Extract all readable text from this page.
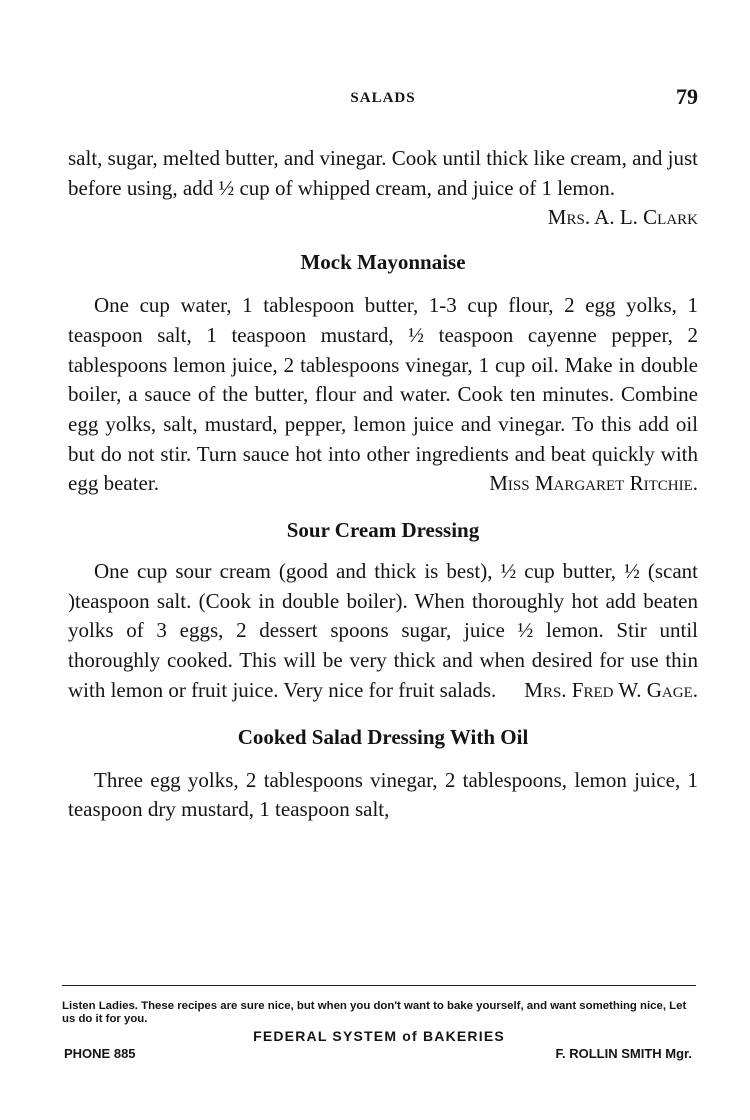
SALADS	79

salt, sugar, melted butter, and vinegar. Cook until thick like cream, and just before using, add ½ cup of whipped cream, and juice of 1 lemon.
Mrs. A. L. Clark

Mock Mayonnaise

One cup water, 1 tablespoon butter, 1-3 cup flour, 2 egg yolks, 1 teaspoon salt, 1 teaspoon mustard, ½ teaspoon cayenne pepper, 2 tablespoons lemon juice, 2 tablespoons vinegar, 1 cup oil. Make in double boiler, a sauce of the butter, flour and water. Cook ten minutes. Combine egg yolks, salt, mustard, pepper, lemon juice and vinegar. To this add oil but do not stir. Turn sauce hot into other ingredients and beat quickly with egg beater.	Miss Margaret Ritchie.

Sour Cream Dressing

One cup sour cream (good and thick is best), ½ cup butter, ½ (scant )teaspoon salt. (Cook in double boiler). When thoroughly hot add beaten yolks of 3 eggs, 2 dessert spoons sugar, juice ½ lemon. Stir until thoroughly cooked. This will be very thick and when desired for use thin with lemon or fruit juice. Very nice for fruit salads.	Mrs. Fred W. Gage.

Cooked Salad Dressing With Oil

Three egg yolks, 2 tablespoons vinegar, 2 tablespoons, lemon juice, 1 teaspoon dry mustard, 1 teaspoon salt,

Listen Ladies. These recipes are sure nice, but when you don't want to bake yourself, and want something nice, Let us do it for you.

FEDERAL SYSTEM of BAKERIES

PHONE 885	F. ROLLIN SMITH Mgr.
